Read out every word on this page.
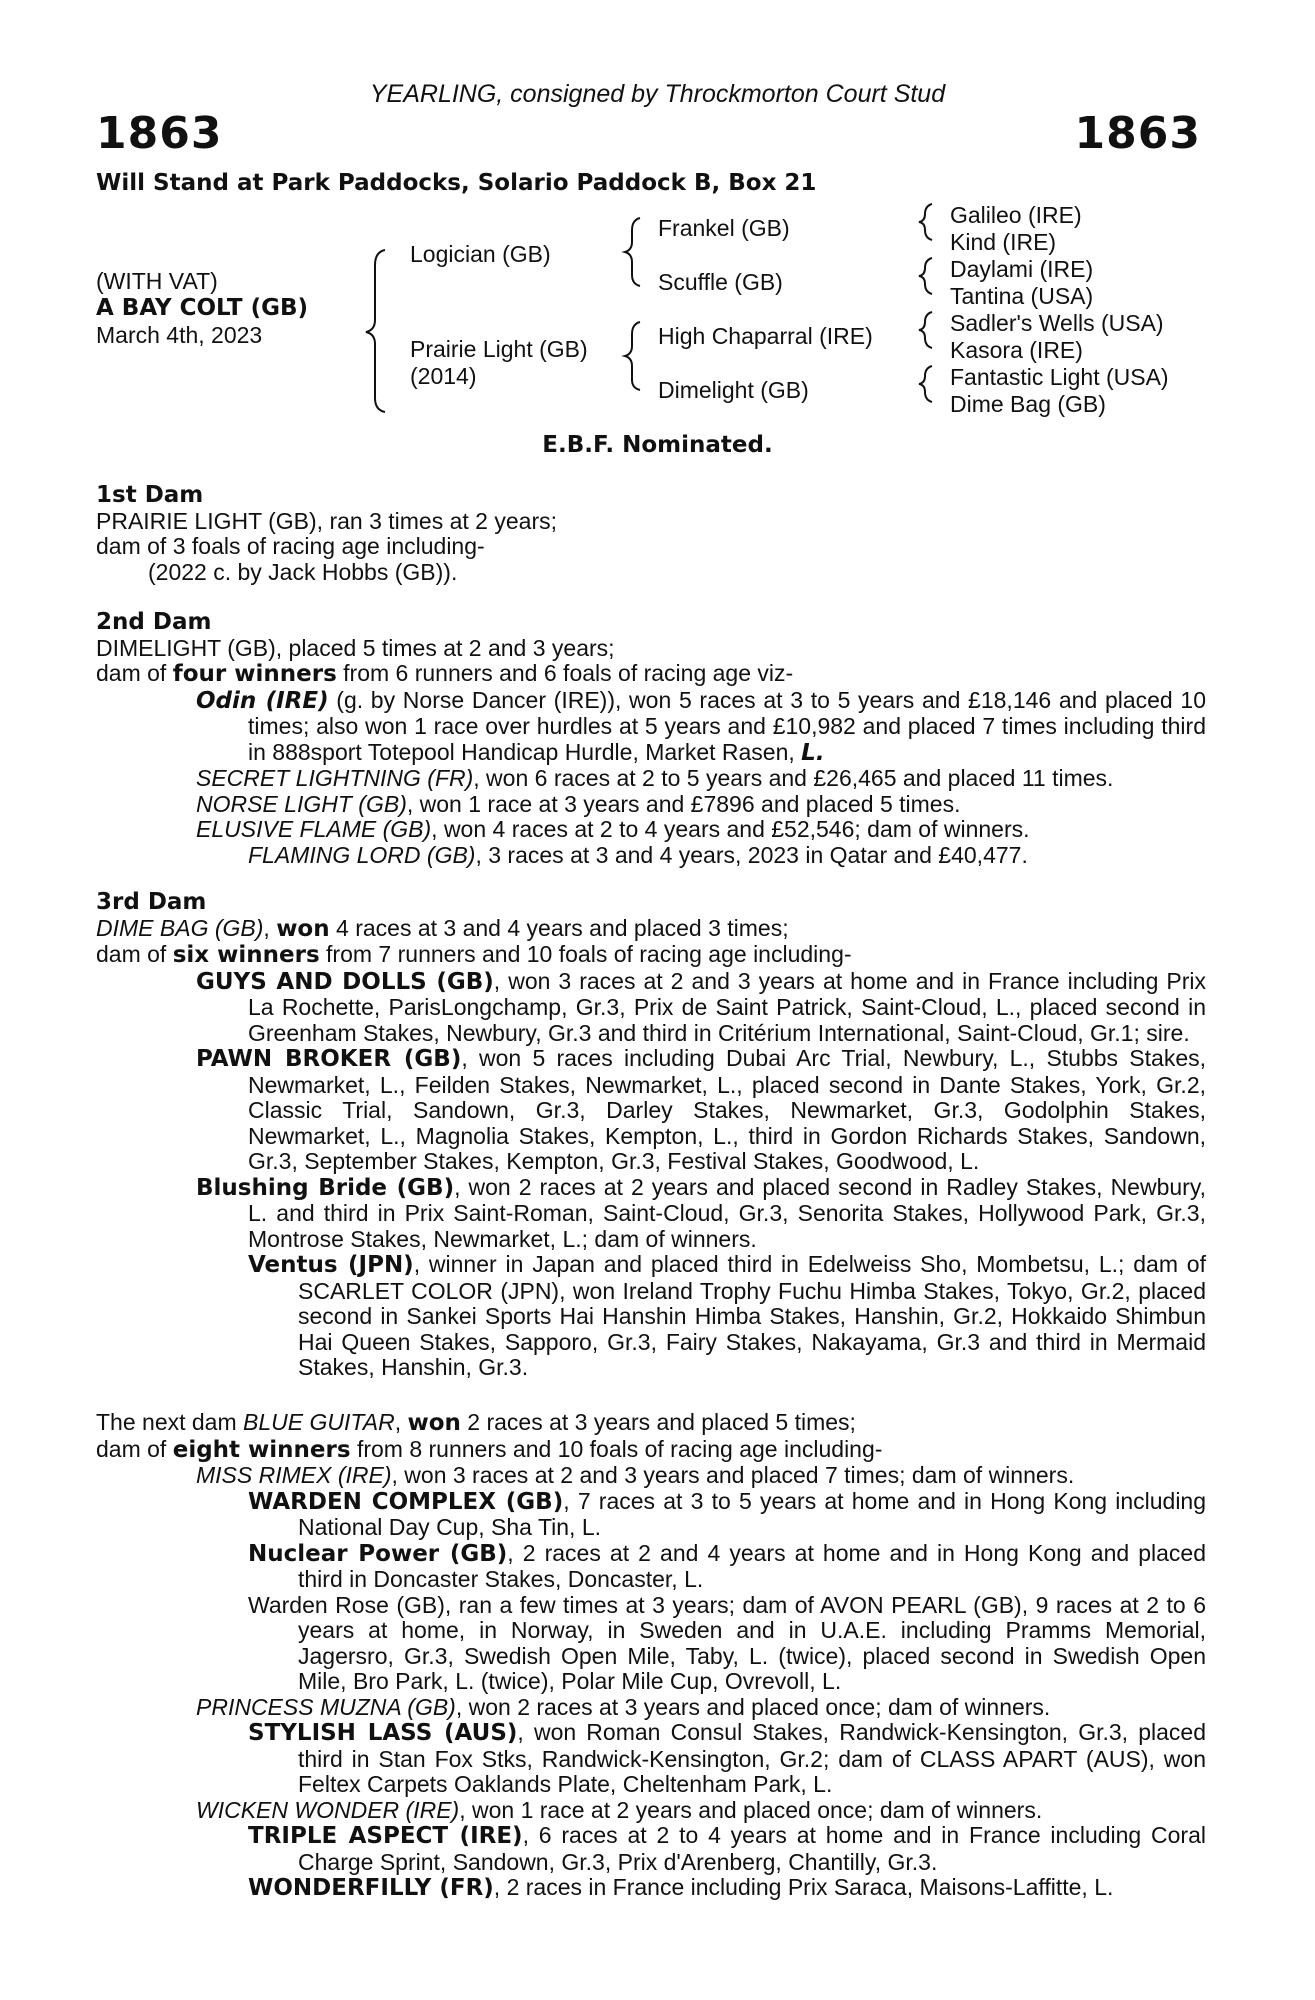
YEARLING, consigned by Throckmorton Court Stud
1863	1863
Will Stand at Park Paddocks, Solario Paddock B, Box 21
(WITH VAT)
A BAY COLT (GB)
March 4th, 2023
Logician (GB)
Prairie Light (GB)
(2014)
Frankel (GB)
Scuffle (GB)
High Chaparral (IRE)
Dimelight (GB)
Galileo (IRE)
Kind (IRE)
Daylami (IRE)
Tantina (USA)
Sadler's Wells (USA)
Kasora (IRE)
Fantastic Light (USA)
Dime Bag (GB)
E.B.F. Nominated.

1st Dam

PRAIRIE LIGHT (GB), ran 3 times at 2 years;

dam of 3 foals of racing age including-

(2022 c. by Jack Hobbs (GB)).

2nd Dam

DIMELIGHT (GB), placed 5 times at 2 and 3 years;

dam of four winners from 6 runners and 6 foals of racing age viz-

Odin (IRE) (g. by Norse Dancer (IRE)), won 5 races at 3 to 5 years and £18,146 and placed 10 times; also won 1 race over hurdles at 5 years and £10,982 and placed 7 times including third in 888sport Totepool Handicap Hurdle, Market Rasen, L.

SECRET LIGHTNING (FR), won 6 races at 2 to 5 years and £26,465 and placed 11 times.

NORSE LIGHT (GB), won 1 race at 3 years and £7896 and placed 5 times.

ELUSIVE FLAME (GB), won 4 races at 2 to 4 years and £52,546; dam of winners.

FLAMING LORD (GB), 3 races at 3 and 4 years, 2023 in Qatar and £40,477.

3rd Dam

DIME BAG (GB), won 4 races at 3 and 4 years and placed 3 times;

dam of six winners from 7 runners and 10 foals of racing age including-

GUYS AND DOLLS (GB), won 3 races at 2 and 3 years at home and in France including Prix La Rochette, ParisLongchamp, Gr.3, Prix de Saint Patrick, Saint-Cloud, L., placed second in Greenham Stakes, Newbury, Gr.3 and third in Critérium International, Saint-Cloud, Gr.1; sire.

PAWN BROKER (GB), won 5 races including Dubai Arc Trial, Newbury, L., Stubbs Stakes, Newmarket, L., Feilden Stakes, Newmarket, L., placed second in Dante Stakes, York, Gr.2, Classic Trial, Sandown, Gr.3, Darley Stakes, Newmarket, Gr.3, Godolphin Stakes, Newmarket, L., Magnolia Stakes, Kempton, L., third in Gordon Richards Stakes, Sandown, Gr.3, September Stakes, Kempton, Gr.3, Festival Stakes, Goodwood, L.

Blushing Bride (GB), won 2 races at 2 years and placed second in Radley Stakes, Newbury, L. and third in Prix Saint-Roman, Saint-Cloud, Gr.3, Senorita Stakes, Hollywood Park, Gr.3, Montrose Stakes, Newmarket, L.; dam of winners.

Ventus (JPN), winner in Japan and placed third in Edelweiss Sho, Mombetsu, L.; dam of SCARLET COLOR (JPN), won Ireland Trophy Fuchu Himba Stakes, Tokyo, Gr.2, placed second in Sankei Sports Hai Hanshin Himba Stakes, Hanshin, Gr.2, Hokkaido Shimbun Hai Queen Stakes, Sapporo, Gr.3, Fairy Stakes, Nakayama, Gr.3 and third in Mermaid Stakes, Hanshin, Gr.3.

The next dam BLUE GUITAR, won 2 races at 3 years and placed 5 times;

dam of eight winners from 8 runners and 10 foals of racing age including-

MISS RIMEX (IRE), won 3 races at 2 and 3 years and placed 7 times; dam of winners.

WARDEN COMPLEX (GB), 7 races at 3 to 5 years at home and in Hong Kong including National Day Cup, Sha Tin, L.

Nuclear Power (GB), 2 races at 2 and 4 years at home and in Hong Kong and placed third in Doncaster Stakes, Doncaster, L.

Warden Rose (GB), ran a few times at 3 years; dam of AVON PEARL (GB), 9 races at 2 to 6 years at home, in Norway, in Sweden and in U.A.E. including Pramms Memorial, Jagersro, Gr.3, Swedish Open Mile, Taby, L. (twice), placed second in Swedish Open Mile, Bro Park, L. (twice), Polar Mile Cup, Ovrevoll, L.

PRINCESS MUZNA (GB), won 2 races at 3 years and placed once; dam of winners.

STYLISH LASS (AUS), won Roman Consul Stakes, Randwick-Kensington, Gr.3, placed third in Stan Fox Stks, Randwick-Kensington, Gr.2; dam of CLASS APART (AUS), won Feltex Carpets Oaklands Plate, Cheltenham Park, L.

WICKEN WONDER (IRE), won 1 race at 2 years and placed once; dam of winners.

TRIPLE ASPECT (IRE), 6 races at 2 to 4 years at home and in France including Coral Charge Sprint, Sandown, Gr.3, Prix d'Arenberg, Chantilly, Gr.3.

WONDERFILLY (FR), 2 races in France including Prix Saraca, Maisons-Laffitte, L.
